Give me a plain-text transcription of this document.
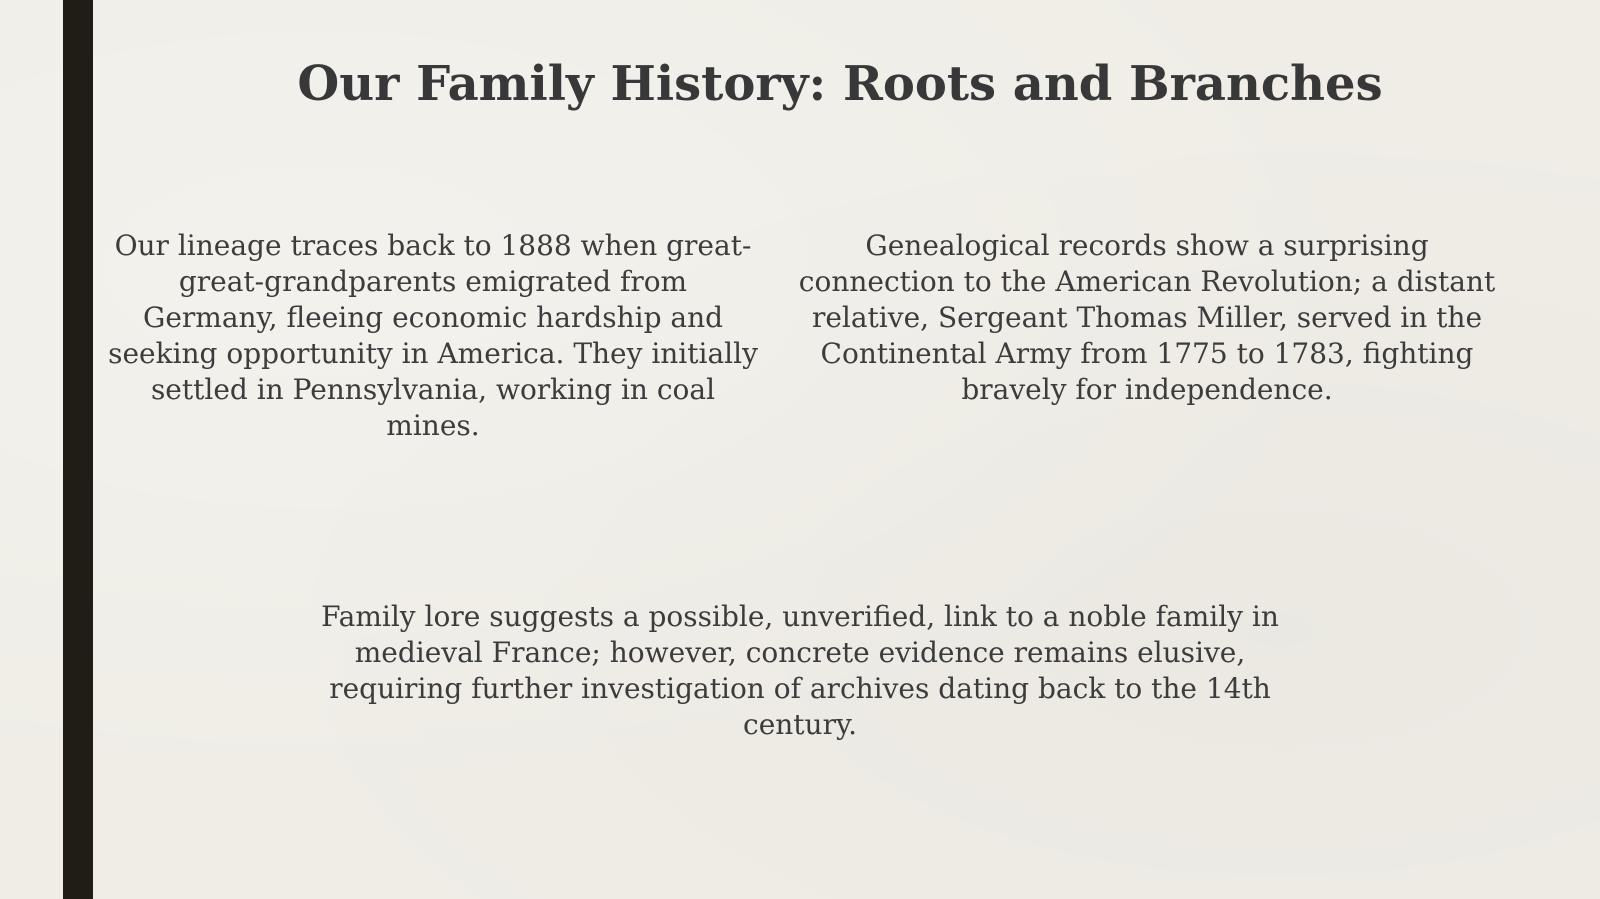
Our Family History: Roots and Branches

Our lineage traces back to 1888 when great-great-grandparents emigrated from Germany, fleeing economic hardship and seeking opportunity in America. They initially settled in Pennsylvania, working in coal mines.

Genealogical records show a surprising connection to the American Revolution; a distant relative, Sergeant Thomas Miller, served in the Continental Army from 1775 to 1783, fighting bravely for independence.

Family lore suggests a possible, unverified, link to a noble family in medieval France; however, concrete evidence remains elusive, requiring further investigation of archives dating back to the 14th century.
